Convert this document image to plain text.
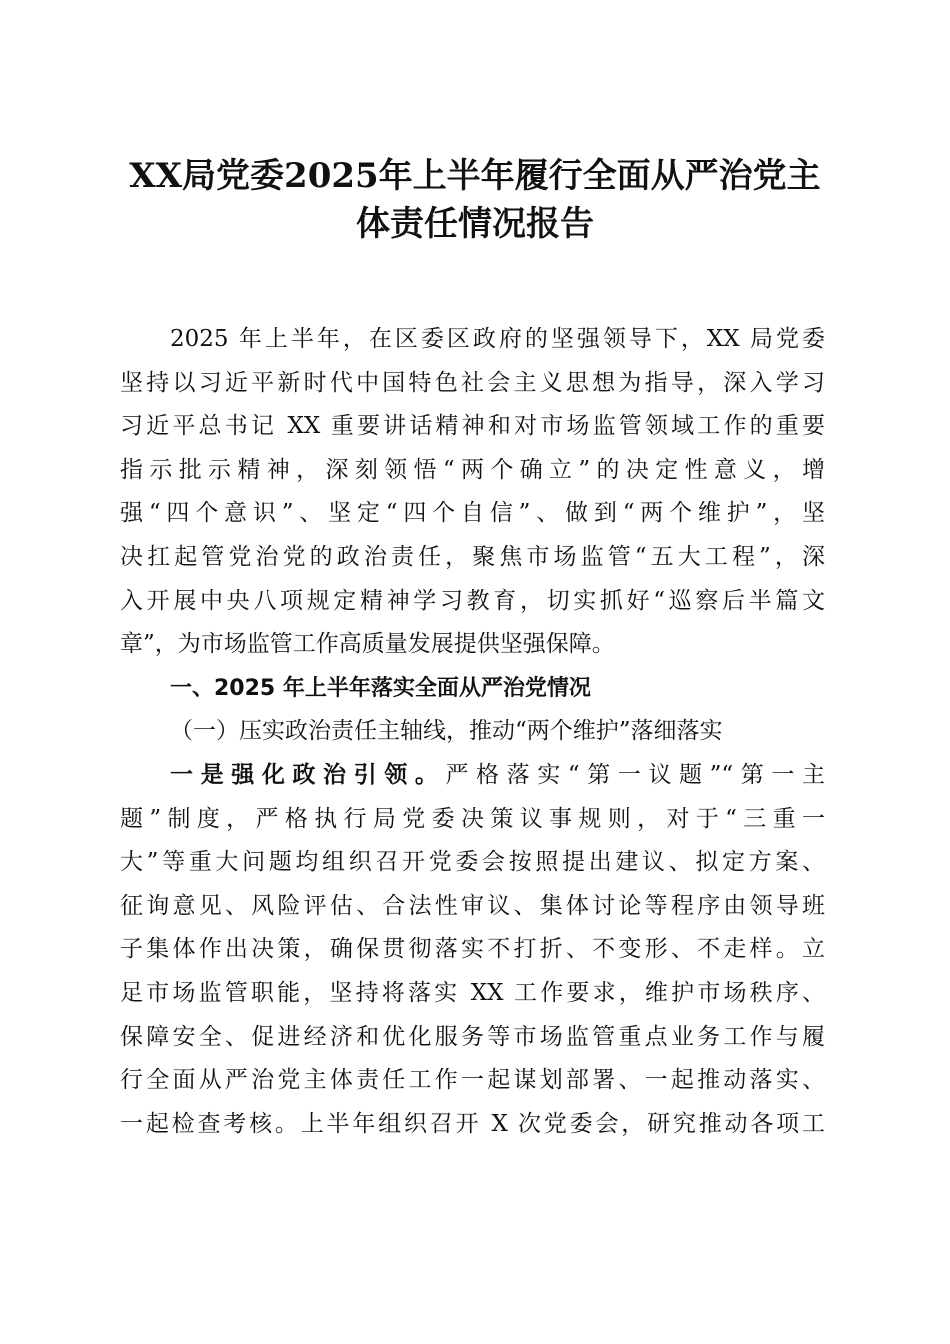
XX局党委2025年上半年履行全面从严治党主
体责任情况报告
2025 年上半年，在区委区政府的坚强领导下，XX 局党委
坚持以习近平新时代中国特色社会主义思想为指导，深入学习
习近平总书记 XX 重要讲话精神和对市场监管领域工作的重要
指示批示精神，深刻领悟“两个确立”的决定性意义，增
强“四个意识”、坚定“四个自信”、做到“两个维护”，坚
决扛起管党治党的政治责任，聚焦市场监管“五大工程”，深
入开展中央八项规定精神学习教育，切实抓好“巡察后半篇文
章”，为市场监管工作高质量发展提供坚强保障。
一、2025 年上半年落实全面从严治党情况
（一）压实政治责任主轴线，推动“两个维护”落细落实
一是强化政治引领。严格落实“第一议题”“第一主
题”制度，严格执行局党委决策议事规则，对于“三重一
大”等重大问题均组织召开党委会按照提出建议、拟定方案、
征询意见、风险评估、合法性审议、集体讨论等程序由领导班
子集体作出决策，确保贯彻落实不打折、不变形、不走样。立
足市场监管职能，坚持将落实 XX 工作要求，维护市场秩序、
保障安全、促进经济和优化服务等市场监管重点业务工作与履
行全面从严治党主体责任工作一起谋划部署、一起推动落实、
一起检查考核。上半年组织召开 X 次党委会，研究推动各项工
